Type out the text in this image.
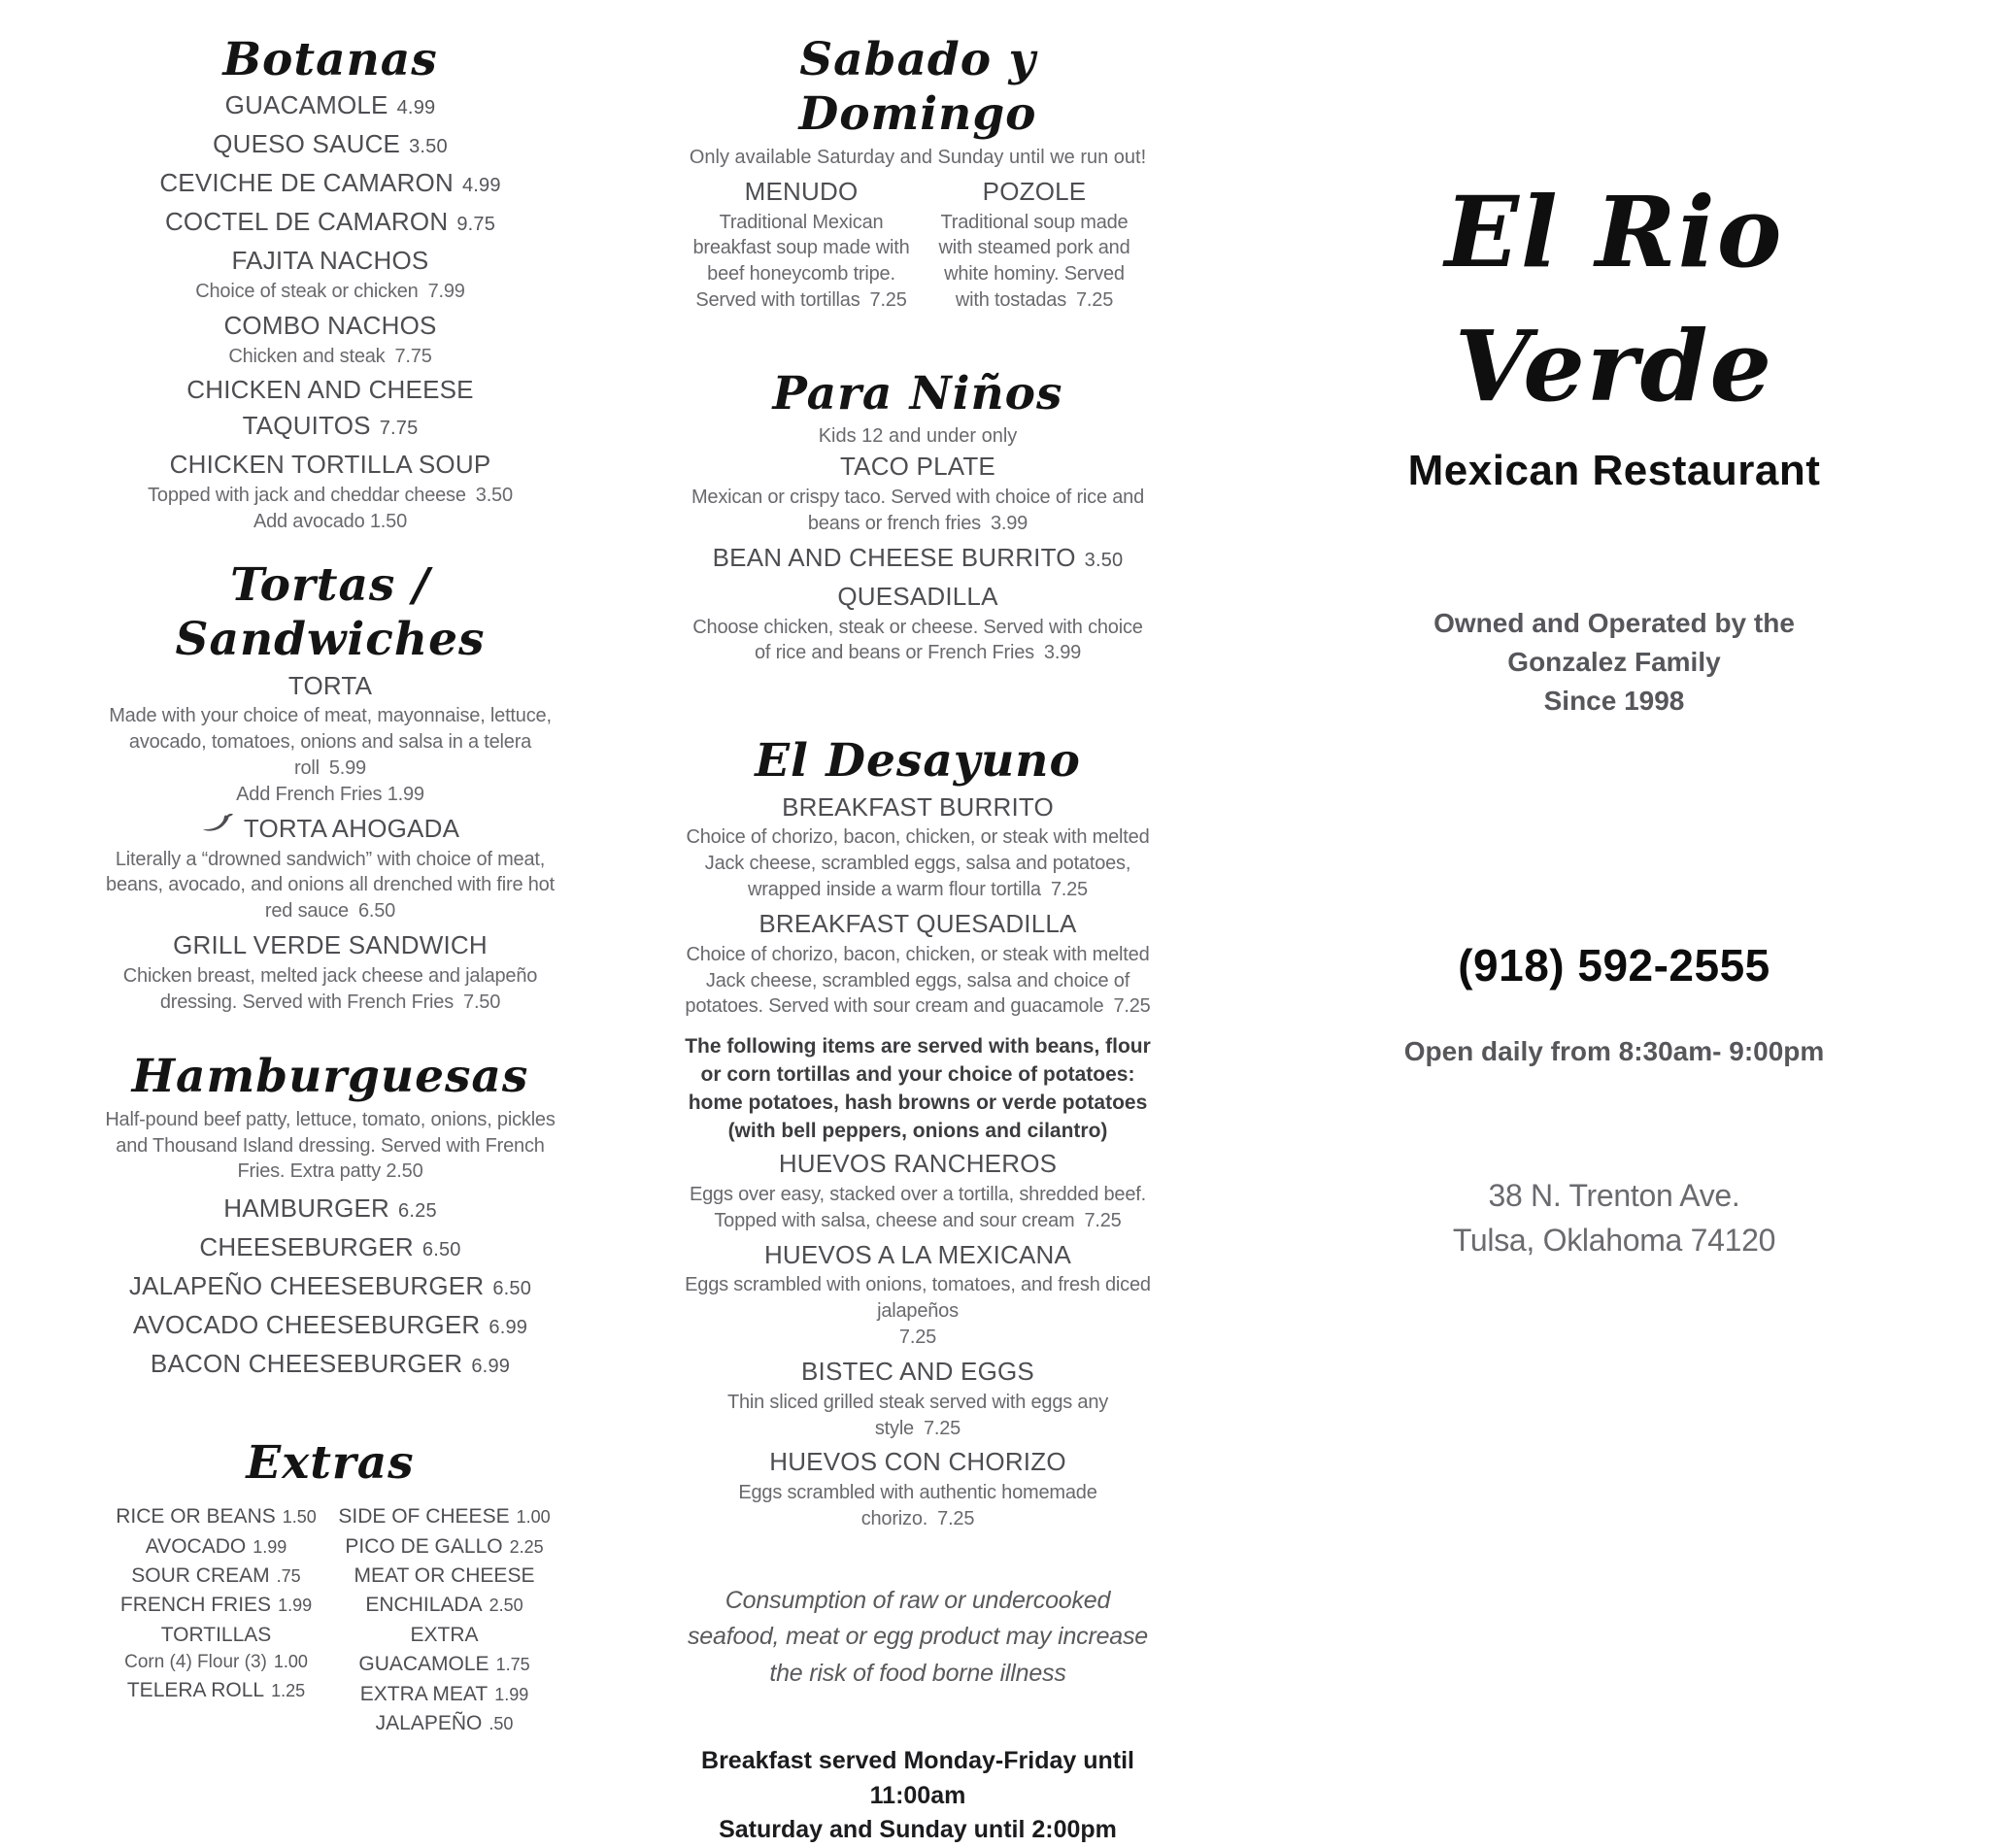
Botanas
GUACAMOLE 4.99
QUESO SAUCE 3.50
CEVICHE DE CAMARON 4.99
COCTEL DE CAMARON 9.75
FAJITA NACHOS
Choice of steak or chicken 7.99
COMBO NACHOS
Chicken and steak 7.75
CHICKEN AND CHEESE TAQUITOS 7.75
CHICKEN TORTILLA SOUP
Topped with jack and cheddar cheese 3.50
Add avocado 1.50
Tortas / Sandwiches
TORTA
Made with your choice of meat, mayonnaise, lettuce, avocado, tomatoes, onions and salsa in a telera roll 5.99
Add French Fries 1.99
TORTA AHOGADA
Literally a “drowned sandwich” with choice of meat, beans, avocado, and onions all drenched with fire hot red sauce 6.50
GRILL VERDE SANDWICH
Chicken breast, melted jack cheese and jalapeño dressing. Served with French Fries 7.50
Hamburguesas
Half-pound beef patty, lettuce, tomato, onions, pickles and Thousand Island dressing. Served with French Fries. Extra patty 2.50
HAMBURGER 6.25
CHEESEBURGER 6.50
JALAPEÑO CHEESEBURGER 6.50
AVOCADO CHEESEBURGER 6.99
BACON CHEESEBURGER 6.99
Extras
RICE OR BEANS 1.50
AVOCADO 1.99
SOUR CREAM .75
FRENCH FRIES 1.99
TORTILLAS
Corn (4) Flour (3) 1.00
TELERA ROLL 1.25
SIDE OF CHEESE 1.00
PICO DE GALLO 2.25
MEAT OR CHEESE
ENCHILADA 2.50
EXTRA GUACAMOLE 1.75
EXTRA MEAT 1.99
JALAPEÑO .50
Sabado y Domingo
Only available Saturday and Sunday until we run out!
MENUDO
Traditional Mexican breakfast soup made with beef honeycomb tripe. Served with tortillas 7.25
POZOLE
Traditional soup made with steamed pork and white hominy. Served with tostadas 7.25
Para Niños
Kids 12 and under only
TACO PLATE
Mexican or crispy taco. Served with choice of rice and beans or french fries 3.99
BEAN AND CHEESE BURRITO 3.50
QUESADILLA
Choose chicken, steak or cheese. Served with choice of rice and beans or French Fries 3.99
El Desayuno
BREAKFAST BURRITO
Choice of chorizo, bacon, chicken, or steak with melted Jack cheese, scrambled eggs, salsa and potatoes, wrapped inside a warm flour tortilla 7.25
BREAKFAST QUESADILLA
Choice of chorizo, bacon, chicken, or steak with melted Jack cheese, scrambled eggs, salsa and choice of potatoes. Served with sour cream and guacamole 7.25
The following items are served with beans, flour or corn tortillas and your choice of potatoes: home potatoes, hash browns or verde potatoes (with bell peppers, onions and cilantro)
HUEVOS RANCHEROS
Eggs over easy, stacked over a tortilla, shredded beef. Topped with salsa, cheese and sour cream 7.25
HUEVOS A LA MEXICANA
Eggs scrambled with onions, tomatoes, and fresh diced jalapeños
7.25
BISTEC AND EGGS
Thin sliced grilled steak served with eggs any style 7.25
HUEVOS CON CHORIZO
Eggs scrambled with authentic homemade chorizo. 7.25
Consumption of raw or undercooked seafood, meat or egg product may increase the risk of food borne illness
Breakfast served Monday-Friday until 11:00am
Saturday and Sunday until 2:00pm
El Rio
Verde
Mexican Restaurant
Owned and Operated by the
Gonzalez Family
Since 1998
(918) 592-2555
Open daily from 8:30am- 9:00pm
38 N. Trenton Ave.
Tulsa, Oklahoma 74120
